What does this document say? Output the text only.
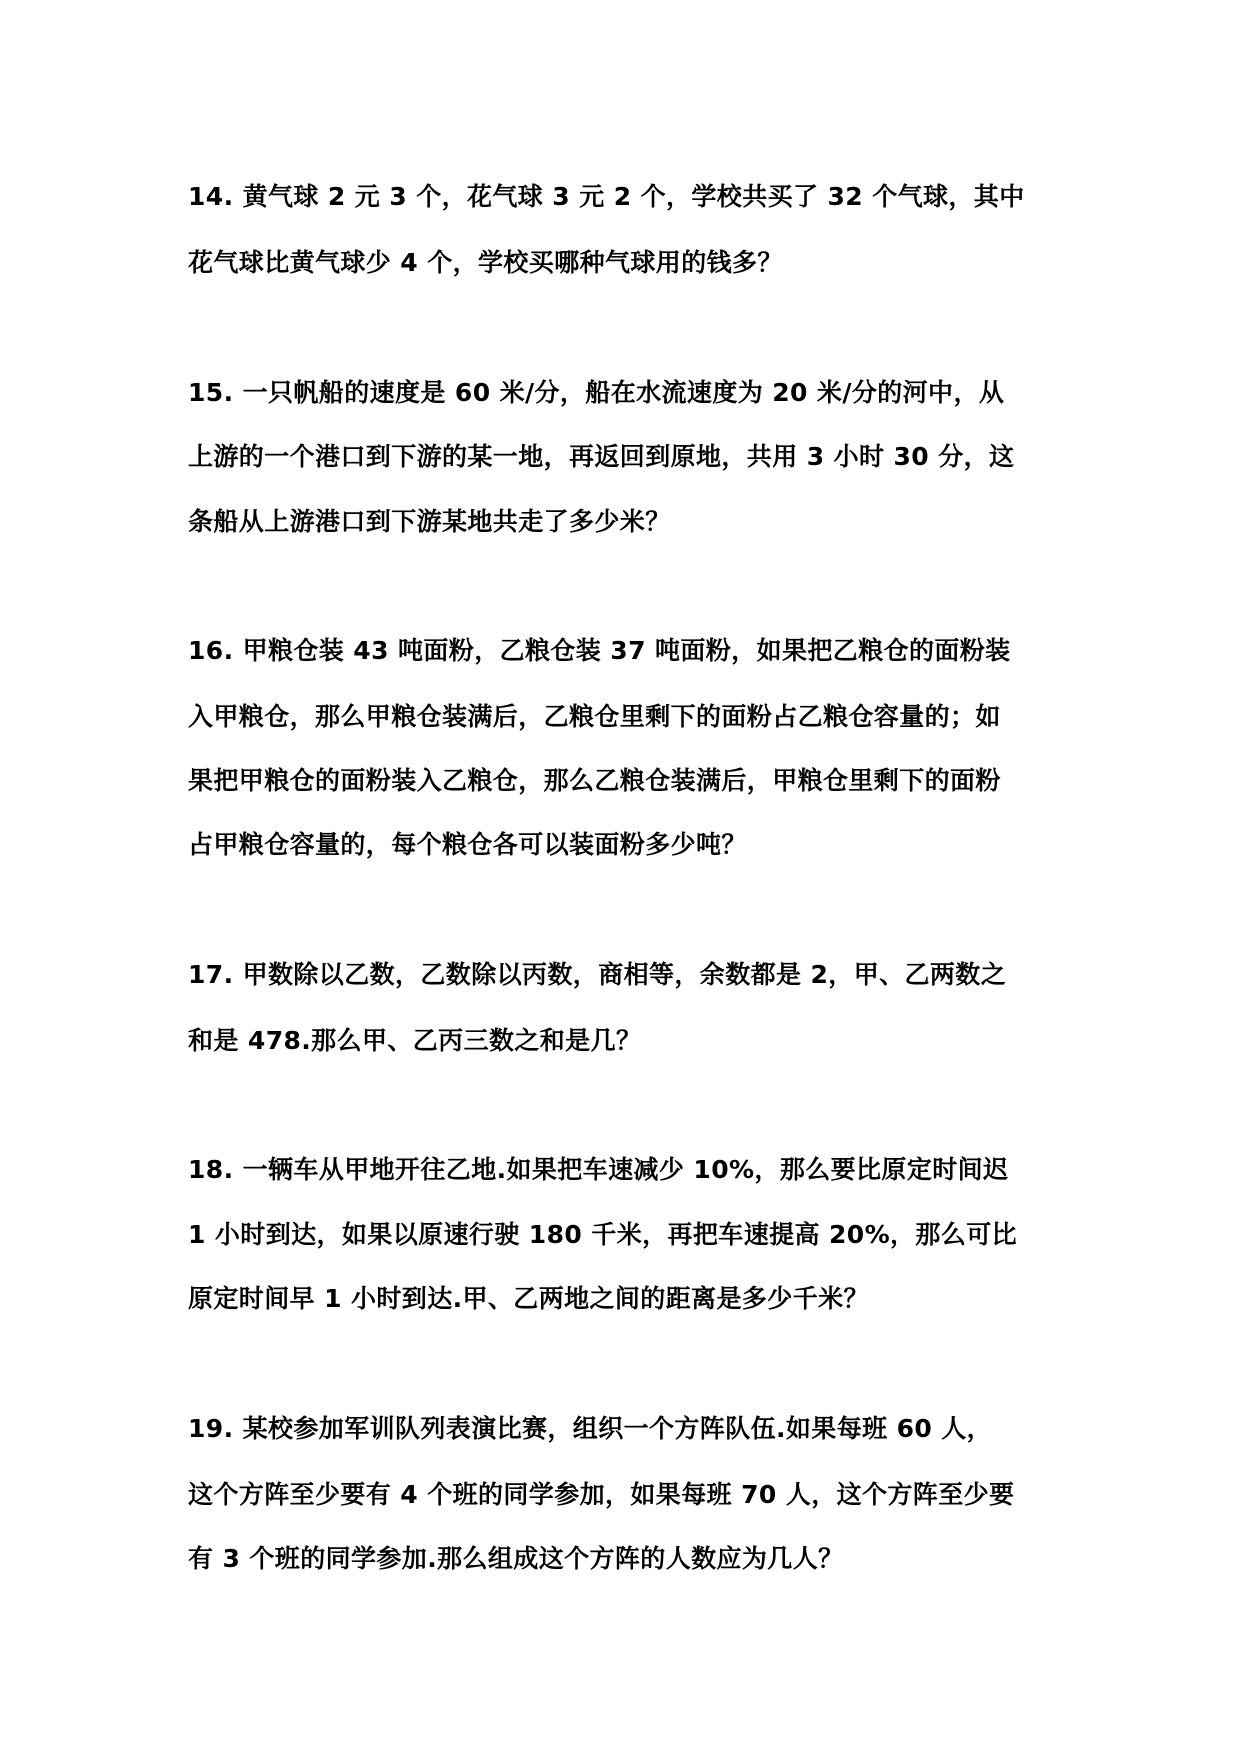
14. 黄气球 2 元 3 个，花气球 3 元 2 个，学校共买了 32 个气球，其中
花气球比黄气球少 4 个，学校买哪种气球用的钱多？
15. 一只帆船的速度是 60 米/分，船在水流速度为 20 米/分的河中，从
上游的一个港口到下游的某一地，再返回到原地，共用 3 小时 30 分，这
条船从上游港口到下游某地共走了多少米？
16. 甲粮仓装 43 吨面粉，乙粮仓装 37 吨面粉，如果把乙粮仓的面粉装
入甲粮仓，那么甲粮仓装满后，乙粮仓里剩下的面粉占乙粮仓容量的；如
果把甲粮仓的面粉装入乙粮仓，那么乙粮仓装满后，甲粮仓里剩下的面粉
占甲粮仓容量的，每个粮仓各可以装面粉多少吨？
17. 甲数除以乙数，乙数除以丙数，商相等，余数都是 2，甲、乙两数之
和是 478.那么甲、乙丙三数之和是几？
18. 一辆车从甲地开往乙地.如果把车速减少 10%，那么要比原定时间迟
1 小时到达，如果以原速行驶 180 千米，再把车速提高 20%，那么可比
原定时间早 1 小时到达.甲、乙两地之间的距离是多少千米？
19. 某校参加军训队列表演比赛，组织一个方阵队伍.如果每班 60 人，
这个方阵至少要有 4 个班的同学参加，如果每班 70 人，这个方阵至少要
有 3 个班的同学参加.那么组成这个方阵的人数应为几人？
